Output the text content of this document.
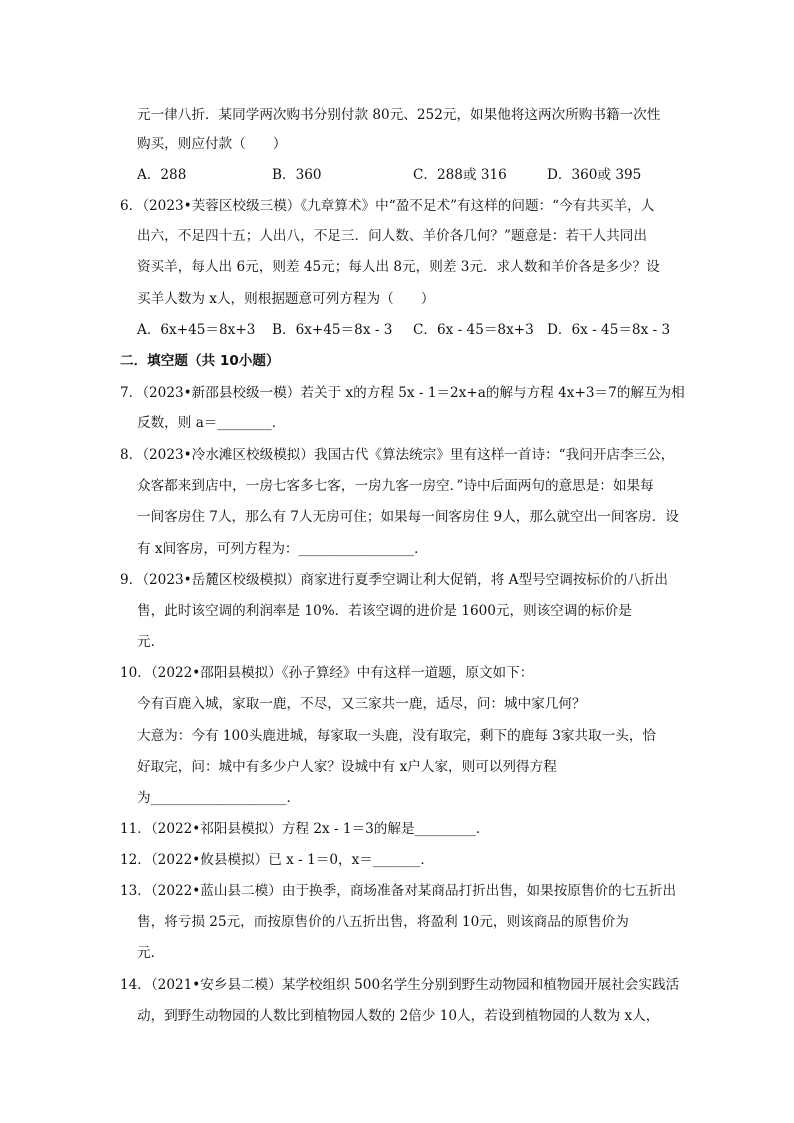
元一律八折．某同学两次购书分别付款 80元、252元，如果他将这两次所购书籍一次性
购买，则应付款（　　）
A．288	B．360	C．288或 316	D．360或 395
6．（2023•芙蓉区校级三模）《九章算术》中“盈不足术”有这样的问题：“今有共买羊，人
出六，不足四十五；人出八，不足三．问人数、羊价各几何？”题意是：若干人共同出
资买羊，每人出 6元，则差 45元；每人出 8元，则差 3元．求人数和羊价各是多少？设
买羊人数为 x人，则根据题意可列方程为（　　）
A．6x+45＝8x+3 B．6x+45＝8x - 3 C．6x - 45＝8x+3 D．6x - 45＝8x - 3
二．填空题（共 10小题）
7．（2023•新邵县校级一模）若关于 x的方程 5x - 1＝2x+a的解与方程 4x+3＝7的解互为相
反数，则 a＝________．
8．（2023•冷水滩区校级模拟）我国古代《算法统宗》里有这样一首诗：“我问开店李三公，
众客都来到店中，一房七客多七客，一房九客一房空．”诗中后面两句的意思是：如果每
一间客房住 7人，那么有 7人无房可住；如果每一间客房住 9人，那么就空出一间客房．设
有 x间客房，可列方程为：_________________．
9．（2023•岳麓区校级模拟）商家进行夏季空调让利大促销，将 A型号空调按标价的八折出
售，此时该空调的利润率是 10%．若该空调的进价是 1600元，则该空调的标价是
元．
10．（2022•邵阳县模拟）《孙子算经》中有这样一道题，原文如下：
今有百鹿入城，家取一鹿，不尽，又三家共一鹿，适尽，问：城中家几何？
大意为：今有 100头鹿进城，每家取一头鹿，没有取完，剩下的鹿每 3家共取一头，恰
好取完，问：城中有多少户人家？设城中有 x户人家，则可以列得方程
为____________________．
11．（2022•祁阳县模拟）方程 2x - 1＝3的解是_________．
12．（2022•攸县模拟）已 x - 1＝0，x＝_______．
13．（2022•蓝山县二模）由于换季，商场准备对某商品打折出售，如果按原售价的七五折出
售，将亏损 25元，而按原售价的八五折出售，将盈利 10元，则该商品的原售价为
元．
14．（2021•安乡县二模）某学校组织 500名学生分别到野生动物园和植物园开展社会实践活
动，到野生动物园的人数比到植物园人数的 2倍少 10人，若设到植物园的人数为 x人，
